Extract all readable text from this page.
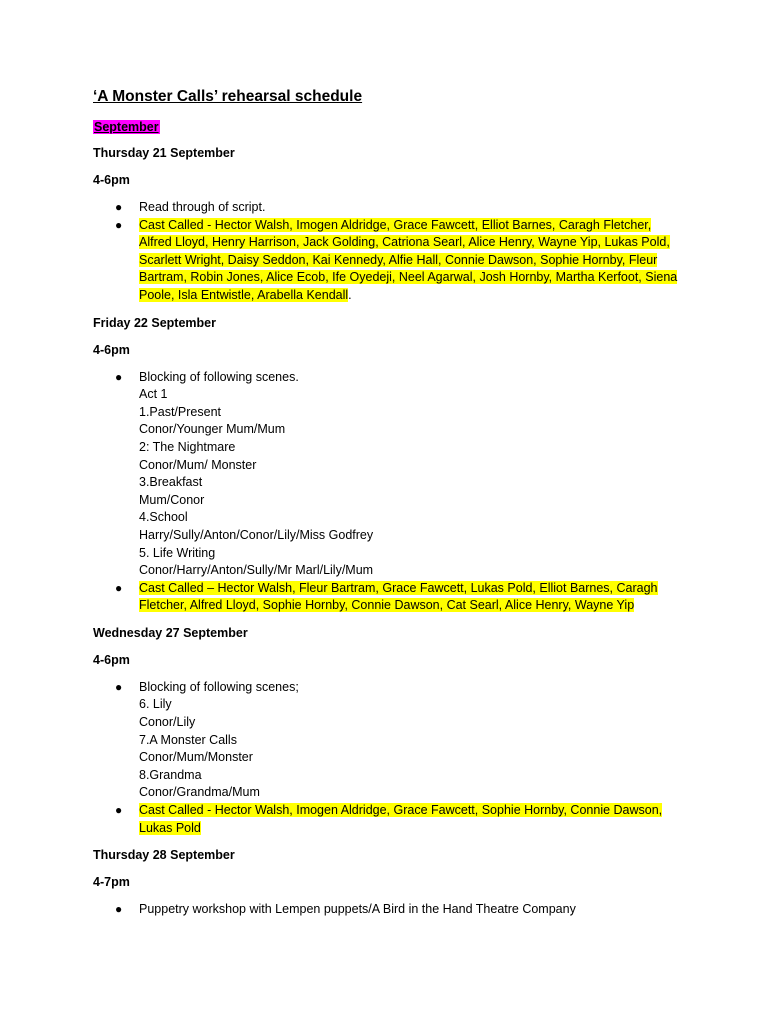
‘A Monster Calls’ rehearsal schedule
September
Thursday 21 September
4-6pm
● Read through of script.
● Cast Called - Hector Walsh, Imogen Aldridge, Grace Fawcett, Elliot Barnes, Caragh Fletcher, Alfred Lloyd, Henry Harrison, Jack Golding, Catriona Searl, Alice Henry, Wayne Yip, Lukas Pold, Scarlett Wright, Daisy Seddon, Kai Kennedy, Alfie Hall, Connie Dawson, Sophie Hornby, Fleur Bartram, Robin Jones, Alice Ecob, Ife Oyedeji, Neel Agarwal, Josh Hornby, Martha Kerfoot, Siena Poole, Isla Entwistle, Arabella Kendall.
Friday 22 September
4-6pm
● Blocking of following scenes.
Act 1
1.Past/Present
Conor/Younger Mum/Mum
2: The Nightmare
Conor/Mum/ Monster
3.Breakfast
Mum/Conor
4.School
Harry/Sully/Anton/Conor/Lily/Miss Godfrey
5. Life Writing
Conor/Harry/Anton/Sully/Mr Marl/Lily/Mum
● Cast Called – Hector Walsh, Fleur Bartram, Grace Fawcett, Lukas Pold, Elliot Barnes, Caragh Fletcher, Alfred Lloyd, Sophie Hornby, Connie Dawson, Cat Searl, Alice Henry, Wayne Yip
Wednesday 27 September
4-6pm
● Blocking of following scenes;
6. Lily
Conor/Lily
7.A Monster Calls
Conor/Mum/Monster
8.Grandma
Conor/Grandma/Mum
● Cast Called - Hector Walsh, Imogen Aldridge, Grace Fawcett, Sophie Hornby, Connie Dawson, Lukas Pold
Thursday 28 September
4-7pm
● Puppetry workshop with Lempen puppets/A Bird in the Hand Theatre Company
